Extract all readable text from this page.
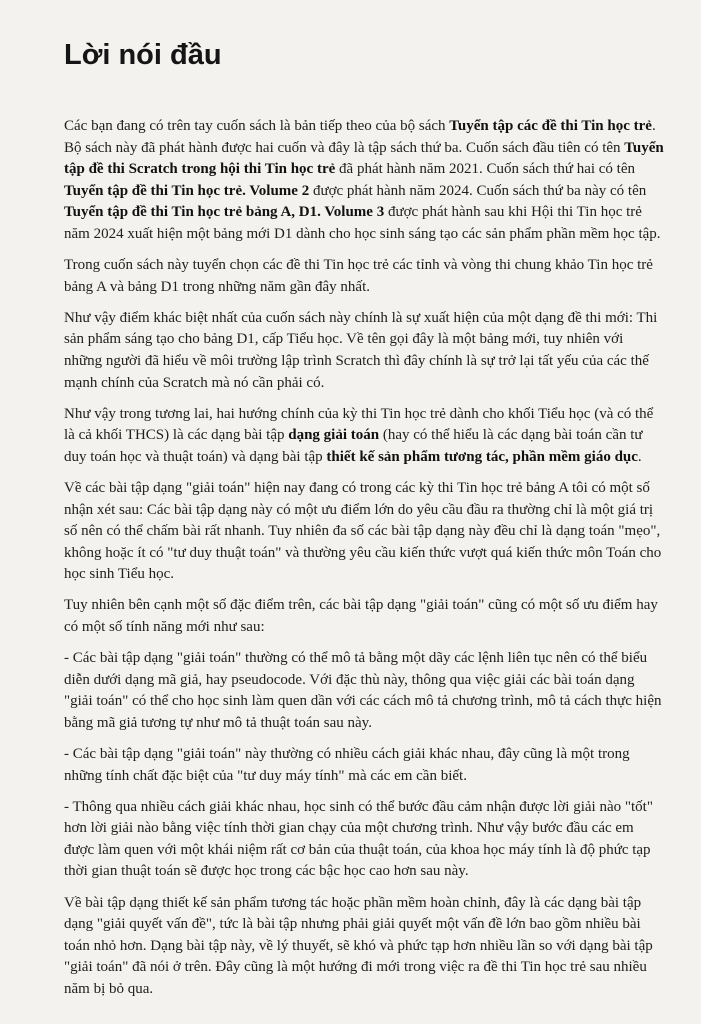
Lời nói đầu

Các bạn đang có trên tay cuốn sách là bản tiếp theo của bộ sách Tuyển tập các đề thi Tin học trẻ. Bộ sách này đã phát hành được hai cuốn và đây là tập sách thứ ba. Cuốn sách đầu tiên có tên Tuyển tập đề thi Scratch trong hội thi Tin học trẻ đã phát hành năm 2021. Cuốn sách thứ hai có tên Tuyển tập đề thi Tin học trẻ. Volume 2 được phát hành năm 2024. Cuốn sách thứ ba này có tên Tuyển tập đề thi Tin học trẻ bảng A, D1. Volume 3 được phát hành sau khi Hội thi Tin học trẻ năm 2024 xuất hiện một bảng mới D1 dành cho học sinh sáng tạo các sản phẩm phần mềm học tập.

Trong cuốn sách này tuyển chọn các đề thi Tin học trẻ các tỉnh và vòng thi chung khảo Tin học trẻ bảng A và bảng D1 trong những năm gần đây nhất.

Như vậy điểm khác biệt nhất của cuốn sách này chính là sự xuất hiện của một dạng đề thi mới: Thi sản phẩm sáng tạo cho bảng D1, cấp Tiểu học. Về tên gọi đây là một bảng mới, tuy nhiên với những người đã hiểu về môi trường lập trình Scratch thì đây chính là sự trở lại tất yếu của các thế mạnh chính của Scratch mà nó cần phải có.

Như vậy trong tương lai, hai hướng chính của kỳ thi Tin học trẻ dành cho khối Tiểu học (và có thể là cả khối THCS) là các dạng bài tập dạng giải toán (hay có thể hiểu là các dạng bài toán cần tư duy toán học và thuật toán) và dạng bài tập thiết kế sản phẩm tương tác, phần mềm giáo dục.

Về các bài tập dạng "giải toán" hiện nay đang có trong các kỳ thi Tin học trẻ bảng A tôi có một số nhận xét sau: Các bài tập dạng này có một ưu điểm lớn do yêu cầu đầu ra thường chỉ là một giá trị số nên có thể chấm bài rất nhanh. Tuy nhiên đa số các bài tập dạng này đều chỉ là dạng toán "mẹo", không hoặc ít có "tư duy thuật toán" và thường yêu cầu kiến thức vượt quá kiến thức môn Toán cho học sinh Tiểu học.

Tuy nhiên bên cạnh một số đặc điểm trên, các bài tập dạng "giải toán" cũng có một số ưu điểm hay có một số tính năng mới như sau:

- Các bài tập dạng "giải toán" thường có thể mô tả bằng một dãy các lệnh liên tục nên có thể biểu diễn dưới dạng mã giả, hay pseudocode. Với đặc thù này, thông qua việc giải các bài toán dạng "giải toán" có thể cho học sinh làm quen dần với các cách mô tả chương trình, mô tả cách thực hiện bằng mã giả tương tự như mô tả thuật toán sau này.

- Các bài tập dạng "giải toán" này thường có nhiều cách giải khác nhau, đây cũng là một trong những tính chất đặc biệt của "tư duy máy tính" mà các em cần biết.

- Thông qua nhiều cách giải khác nhau, học sinh có thể bước đầu cảm nhận được lời giải nào "tốt" hơn lời giải nào bằng việc tính thời gian chạy của một chương trình. Như vậy bước đầu các em được làm quen với một khái niệm rất cơ bản của thuật toán, của khoa học máy tính là độ phức tạp thời gian thuật toán sẽ được học trong các bậc học cao hơn sau này.

Về bài tập dạng thiết kế sản phẩm tương tác hoặc phần mềm hoàn chỉnh, đây là các dạng bài tập dạng "giải quyết vấn đề", tức là bài tập nhưng phải giải quyết một vấn đề lớn bao gồm nhiều bài toán nhỏ hơn. Dạng bài tập này, về lý thuyết, sẽ khó và phức tạp hơn nhiều lần so với dạng bài tập "giải toán" đã nói ở trên. Đây cũng là một hướng đi mới trong việc ra đề thi Tin học trẻ sau nhiều năm bị bỏ qua.
